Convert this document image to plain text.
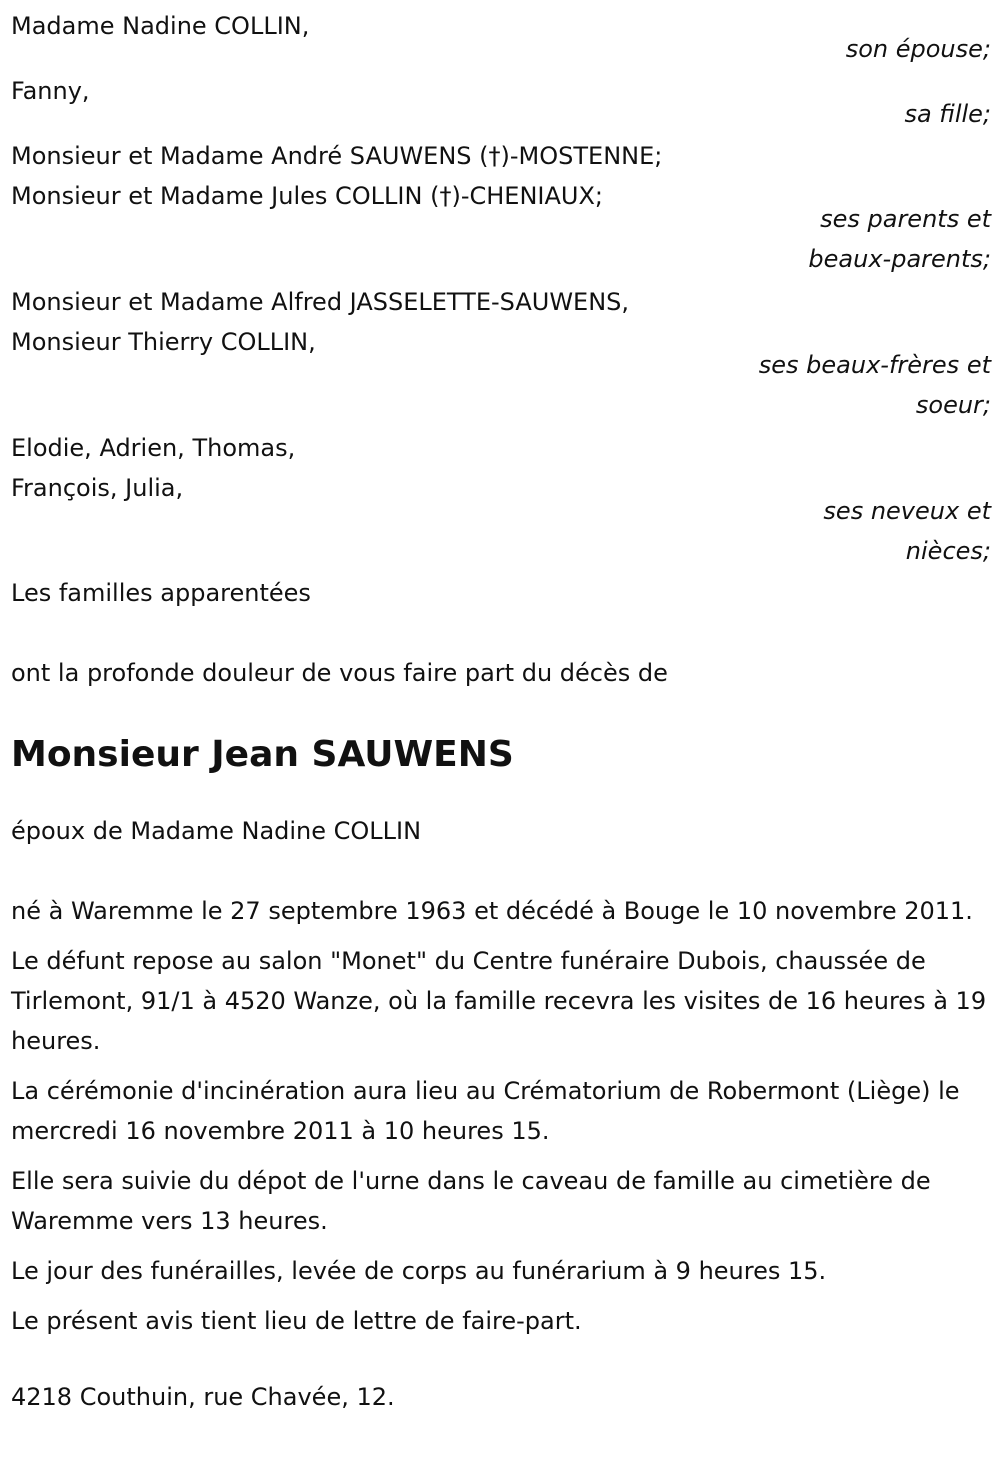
Madame Nadine COLLIN,

son épouse;

Fanny,

sa fille;

Monsieur et Madame André SAUWENS (†)-MOSTENNE;

Monsieur et Madame Jules COLLIN (†)-CHENIAUX;

ses parents et

beaux-parents;

Monsieur et Madame Alfred JASSELETTE-SAUWENS,

Monsieur Thierry COLLIN,

ses beaux-frères et

soeur;

Elodie, Adrien, Thomas,

François, Julia,

ses neveux et

nièces;

Les familles apparentées

ont la profonde douleur de vous faire part du décès de

Monsieur Jean SAUWENS

époux de Madame Nadine COLLIN

né à Waremme le 27 septembre 1963 et décédé à Bouge le 10 novembre 2011.

Le défunt repose au salon "Monet" du Centre funéraire Dubois, chaussée de Tirlemont, 91/1 à 4520 Wanze, où la famille recevra les visites de 16 heures à 19 heures.

La cérémonie d'incinération aura lieu au Crématorium de Robermont (Liège) le mercredi 16 novembre 2011 à 10 heures 15.

Elle sera suivie du dépot de l'urne dans le caveau de famille au cimetière de Waremme vers 13 heures.

Le jour des funérailles, levée de corps au funérarium à 9 heures 15.

Le présent avis tient lieu de lettre de faire-part.

4218 Couthuin, rue Chavée, 12.
